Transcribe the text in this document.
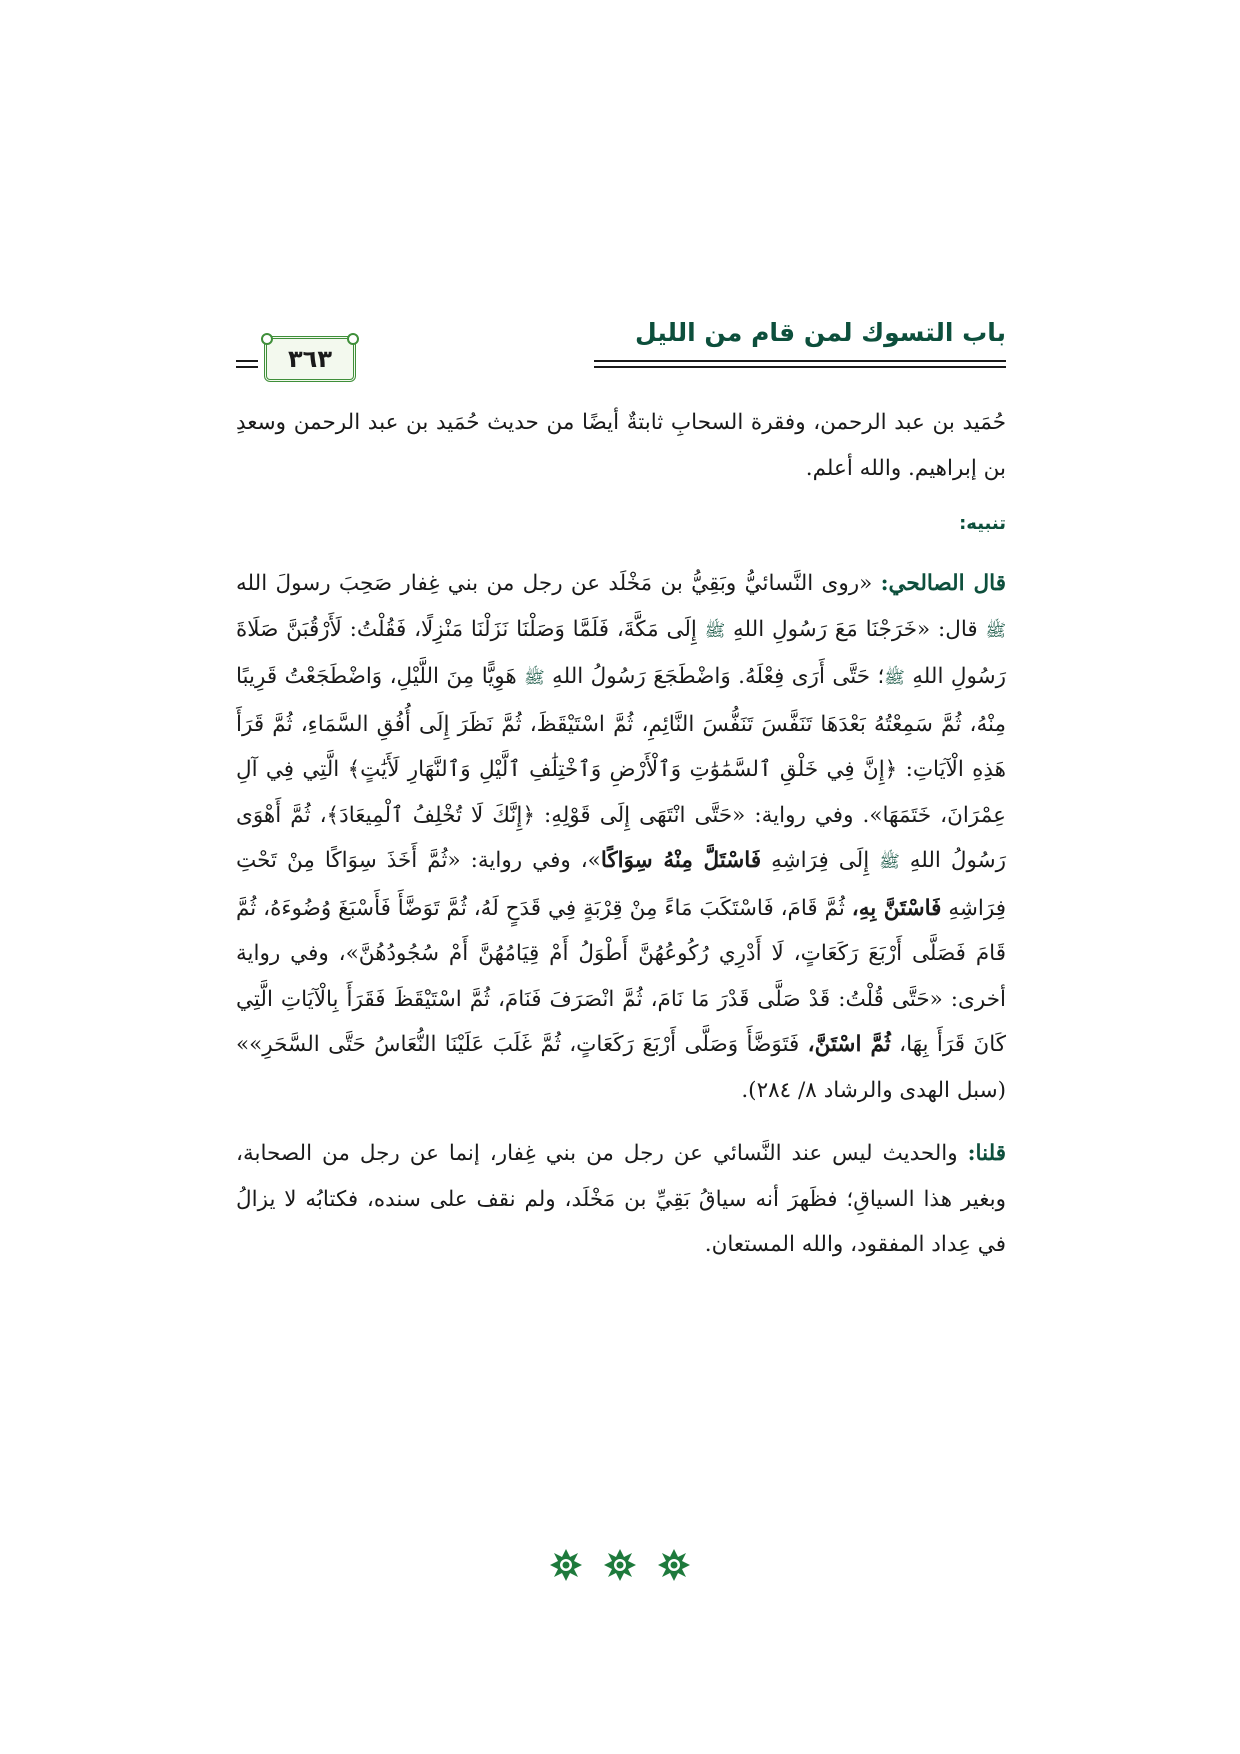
باب التسوك لمن قام من الليل
٣٦٣

حُمَيد بن عبد الرحمن، وفقرة السحابِ ثابتةٌ أيضًا من حديث حُمَيد بن عبد الرحمن وسعدِ بن إبراهيم. والله أعلم.

تنبيه:

قال الصالحي: «روى النَّسائيُّ وبَقِيُّ بن مَخْلَد عن رجل من بني غِفار صَحِبَ رسولَ الله ﷺ قال: «خَرَجْنَا مَعَ رَسُولِ اللهِ ﷺ إِلَى مَكَّةَ، فَلَمَّا وَصَلْنَا نَزَلْنَا مَنْزِلًا، فَقُلْتُ: لَأَرْقُبَنَّ صَلَاةَ رَسُولِ اللهِ ﷺ؛ حَتَّى أَرَى فِعْلَهُ. وَاضْطَجَعَ رَسُولُ اللهِ ﷺ هَوِيًّا مِنَ اللَّيْلِ، وَاضْطَجَعْتُ قَرِيبًا مِنْهُ، ثُمَّ سَمِعْتُهُ بَعْدَهَا تَنَفَّسَ تَنَفُّسَ النَّائِمِ، ثُمَّ اسْتَيْقَظَ، ثُمَّ نَظَرَ إِلَى أُفُقِ السَّمَاءِ، ثُمَّ قَرَأَ هَذِهِ الْآيَاتِ: ﴿إِنَّ فِي خَلْقِ ٱلسَّمَٰوَٰتِ وَٱلْأَرْضِ وَٱخْتِلَٰفِ ٱلَّيْلِ وَٱلنَّهَارِ لَأَيَٰتٍ﴾ الَّتِي فِي آلِ عِمْرَانَ، خَتَمَهَا». وفي رواية: «حَتَّى انْتَهَى إِلَى قَوْلِهِ: ﴿إِنَّكَ لَا تُخْلِفُ ٱلْمِيعَادَ﴾، ثُمَّ أَهْوَى رَسُولُ اللهِ ﷺ إِلَى فِرَاشِهِ فَاسْتَلَّ مِنْهُ سِوَاكًا»، وفي رواية: «ثُمَّ أَخَذَ سِوَاكًا مِنْ تَحْتِ فِرَاشِهِ فَاسْتَنَّ بِهِ، ثُمَّ قَامَ، فَاسْتَكَبَ مَاءً مِنْ قِرْبَةٍ فِي قَدَحٍ لَهُ، ثُمَّ تَوَضَّأَ فَأَسْبَغَ وُضُوءَهُ، ثُمَّ قَامَ فَصَلَّى أَرْبَعَ رَكَعَاتٍ، لَا أَدْرِي رُكُوعُهُنَّ أَطْوَلُ أَمْ قِيَامُهُنَّ أَمْ سُجُودُهُنَّ»، وفي رواية أخرى: «حَتَّى قُلْتُ: قَدْ صَلَّى قَدْرَ مَا نَامَ، ثُمَّ انْصَرَفَ فَنَامَ، ثُمَّ اسْتَيْقَظَ فَقَرَأَ بِالْآيَاتِ الَّتِي كَانَ قَرَأَ بِهَا، ثُمَّ اسْتَنَّ، فَتَوَضَّأَ وَصَلَّى أَرْبَعَ رَكَعَاتٍ، ثُمَّ غَلَبَ عَلَيْنَا النُّعَاسُ حَتَّى السَّحَرِ»» (سبل الهدى والرشاد ٨/ ٢٨٤).

قلنا: والحديث ليس عند النَّسائي عن رجل من بني غِفار، إنما عن رجل من الصحابة، وبغير هذا السياقِ؛ فظَهرَ أنه سياقُ بَقِيِّ بن مَخْلَد، ولم نقف على سنده، فكتابُه لا يزالُ في عِداد المفقود، والله المستعان.
